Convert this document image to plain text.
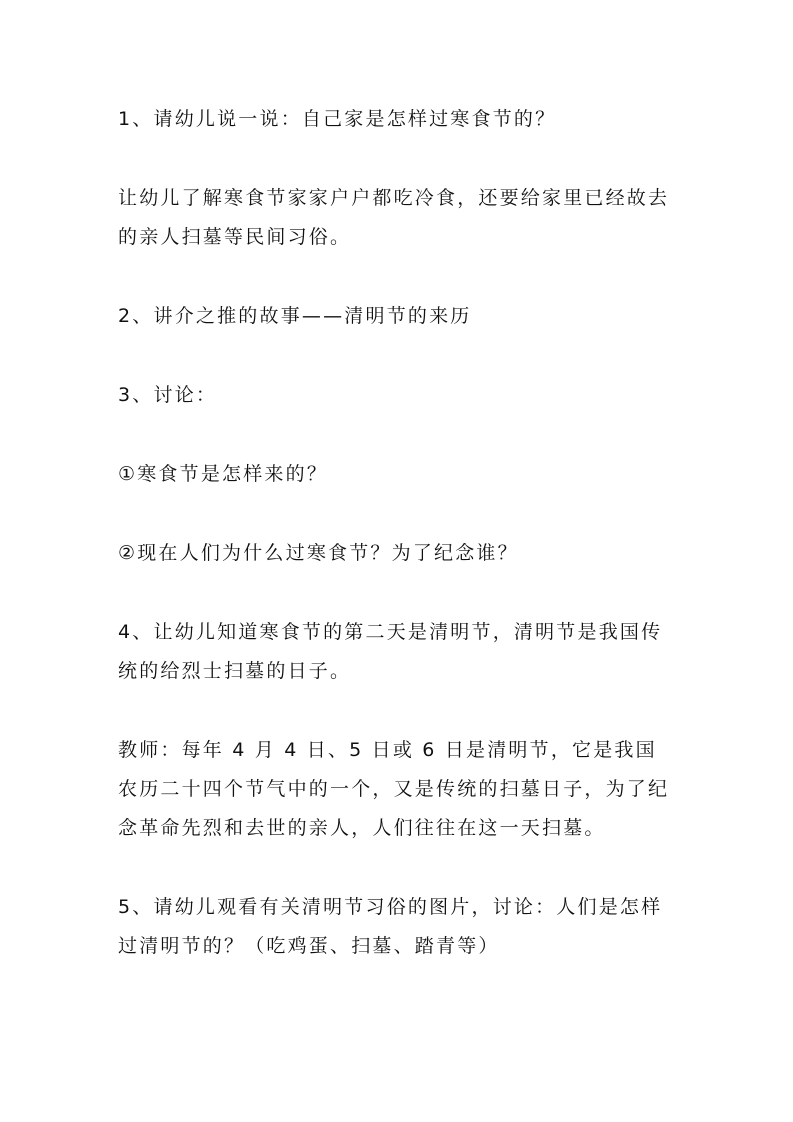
1、请幼儿说一说：自己家是怎样过寒食节的？

让幼儿了解寒食节家家户户都吃冷食，还要给家里已经故去的亲人扫墓等民间习俗。

2、讲介之推的故事——清明节的来历

3、讨论：

①寒食节是怎样来的？

②现在人们为什么过寒食节？为了纪念谁？

4、让幼儿知道寒食节的第二天是清明节，清明节是我国传统的给烈士扫墓的日子。

教师：每年 4 月 4 日、5 日或 6 日是清明节，它是我国农历二十四个节气中的一个，又是传统的扫墓日子，为了纪念革命先烈和去世的亲人，人们往往在这一天扫墓。

5、请幼儿观看有关清明节习俗的图片，讨论：人们是怎样过清明节的？（吃鸡蛋、扫墓、踏青等）
